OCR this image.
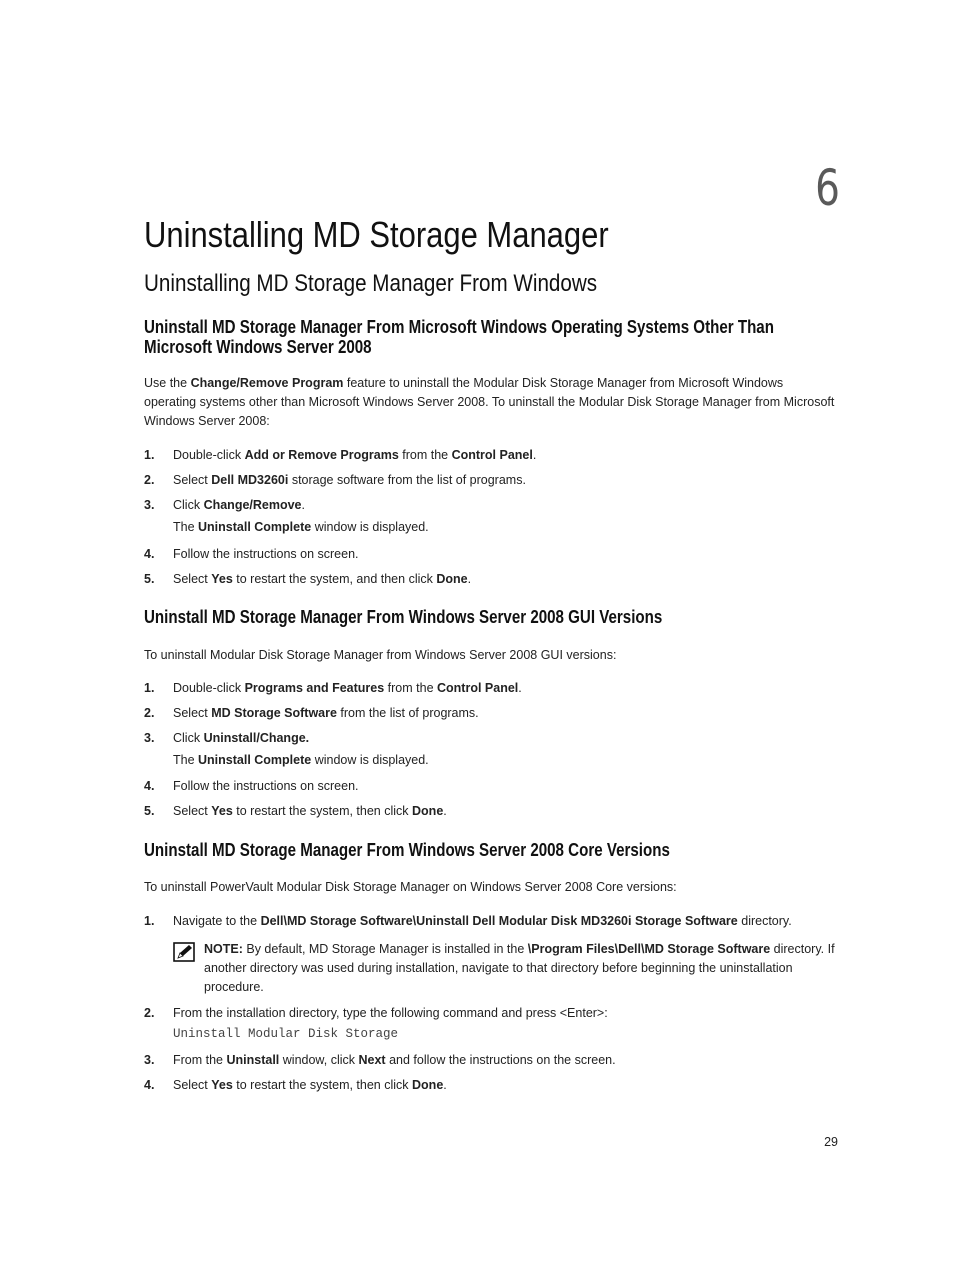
6
Uninstalling MD Storage Manager
Uninstalling MD Storage Manager From Windows
Uninstall MD Storage Manager From Microsoft Windows Operating Systems Other Than
Microsoft Windows Server 2008
Use the Change/Remove Program feature to uninstall the Modular Disk Storage Manager from Microsoft Windows operating systems other than Microsoft Windows Server 2008. To uninstall the Modular Disk Storage Manager from Microsoft Windows Server 2008:
1. Double-click Add or Remove Programs from the Control Panel.
2. Select Dell MD3260i storage software from the list of programs.
3. Click Change/Remove.
The Uninstall Complete window is displayed.
4. Follow the instructions on screen.
5. Select Yes to restart the system, and then click Done.
Uninstall MD Storage Manager From Windows Server 2008 GUI Versions
To uninstall Modular Disk Storage Manager from Windows Server 2008 GUI versions:
1. Double-click Programs and Features from the Control Panel.
2. Select MD Storage Software from the list of programs.
3. Click Uninstall/Change.
The Uninstall Complete window is displayed.
4. Follow the instructions on screen.
5. Select Yes to restart the system, then click Done.
Uninstall MD Storage Manager From Windows Server 2008 Core Versions
To uninstall PowerVault Modular Disk Storage Manager on Windows Server 2008 Core versions:
1. Navigate to the Dell\MD Storage Software\Uninstall Dell Modular Disk MD3260i Storage Software directory.
NOTE: By default, MD Storage Manager is installed in the \Program Files\Dell\MD Storage Software directory. If another directory was used during installation, navigate to that directory before beginning the uninstallation procedure.
2. From the installation directory, type the following command and press <Enter>:
Uninstall Modular Disk Storage
3. From the Uninstall window, click Next and follow the instructions on the screen.
4. Select Yes to restart the system, then click Done.
29
